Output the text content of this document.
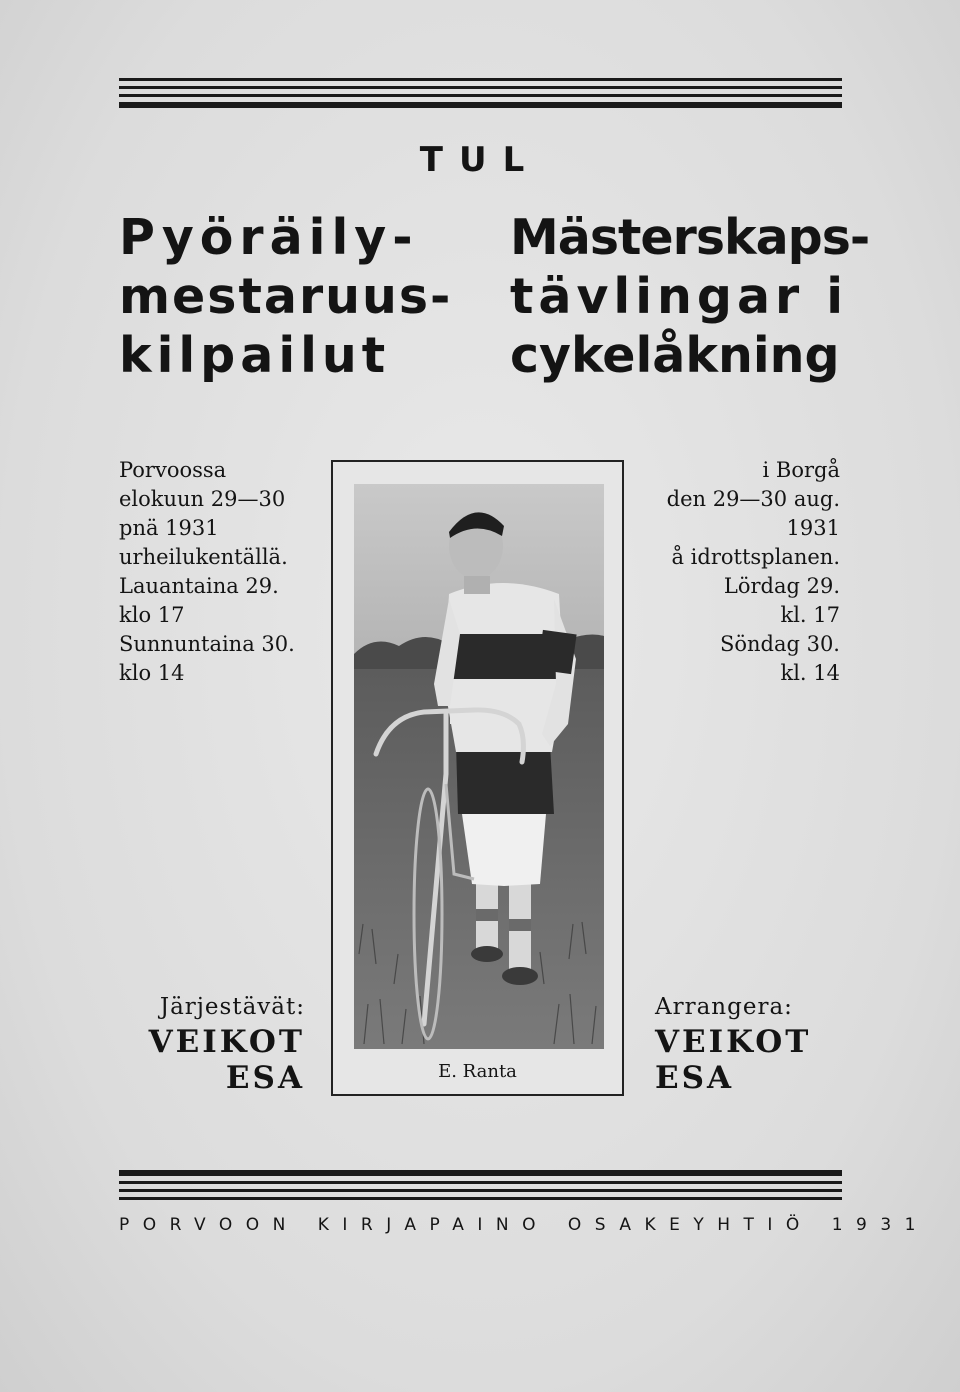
TUL
Pyöräily-
mestaruus-
kilpailut
Mästerskaps-
tävlingar i
cykelåkning
Porvoossa
elokuun 29—30
pnä 1931
urheilukentällä.
Lauantaina 29.
klo 17
Sunnuntaina 30.
klo 14
i Borgå
den 29—30 aug.
1931
å idrottsplanen.
Lördag 29.
kl. 17
Söndag 30.
kl. 14
E. Ranta
Järjestävät:
VEIKOT
ESA
Arrangera:
VEIKOT
ESA
PORVOON KIRJAPAINO OSAKEYHTIÖ 1931
